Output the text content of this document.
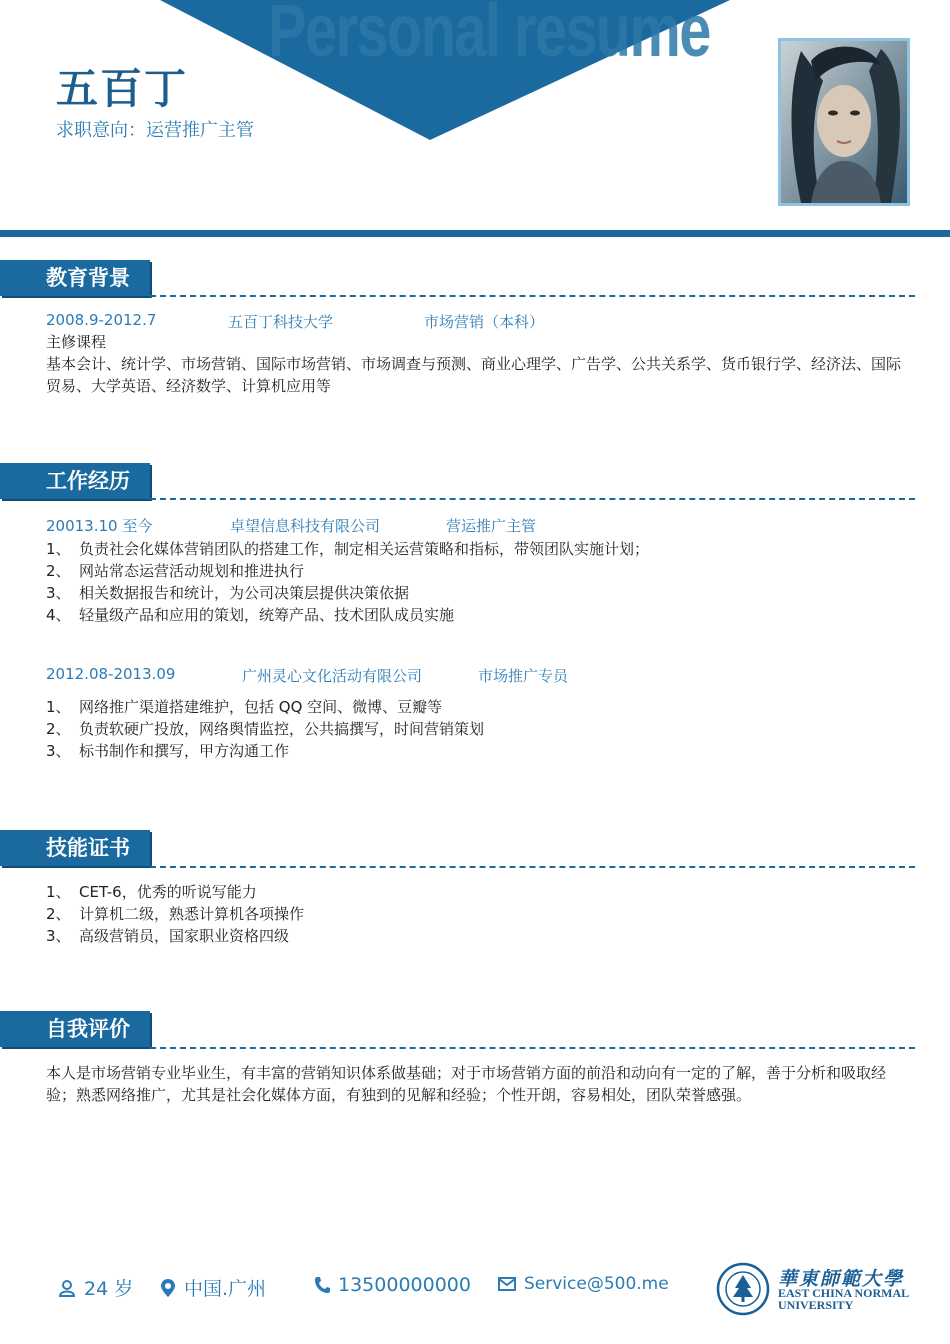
Personal resume
五百丁
求职意向：运营推广主管
教育背景
2008.9-2012.7	五百丁科技大学	市场营销（本科）
主修课程
基本会计、统计学、市场营销、国际市场营销、市场调查与预测、商业心理学、广告学、公共关系学、货币银行学、经济法、国际贸易、大学英语、经济数学、计算机应用等
工作经历
20013.10 至今	卓望信息科技有限公司	营运推广主管
1、 负责社会化媒体营销团队的搭建工作，制定相关运营策略和指标，带领团队实施计划；
2、 网站常态运营活动规划和推进执行
3、 相关数据报告和统计，为公司决策层提供决策依据
4、 轻量级产品和应用的策划，统筹产品、技术团队成员实施
2012.08-2013.09	广州灵心文化活动有限公司	市场推广专员
1、 网络推广渠道搭建维护，包括 QQ 空间、微博、豆瓣等
2、 负责软硬广投放，网络舆情监控，公共搞撰写，时间营销策划
3、 标书制作和撰写，甲方沟通工作
技能证书
1、 CET-6，优秀的听说写能力
2、 计算机二级，熟悉计算机各项操作
3、 高级营销员，国家职业资格四级
自我评价
本人是市场营销专业毕业生，有丰富的营销知识体系做基础；对于市场营销方面的前沿和动向有一定的了解，善于分析和吸取经验；熟悉网络推广，尤其是社会化媒体方面，有独到的见解和经验；个性开朗，容易相处，团队荣誉感强。
24 岁	中国.广州	13500000000	Service@500.me	華東師範大學
EAST CHINA NORMAL
UNIVERSITY
